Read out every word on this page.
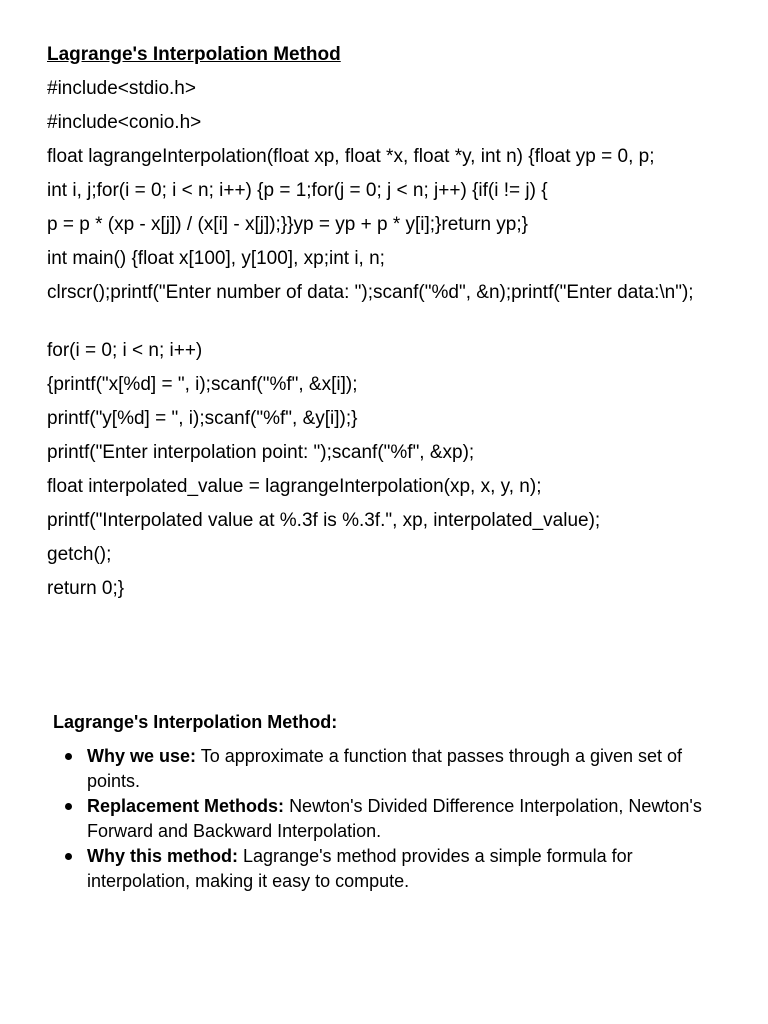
Lagrange's Interpolation Method
#include<stdio.h>
#include<conio.h>
float lagrangeInterpolation(float xp, float *x, float *y, int n) {float yp = 0, p;
int i, j;for(i = 0; i < n; i++) {p = 1;for(j = 0; j < n; j++) {if(i != j) {
p = p * (xp - x[j]) / (x[i] - x[j]);}}yp = yp + p * y[i];}return yp;}
int main() {float x[100], y[100], xp;int i, n;
clrscr();printf("Enter number of data: ");scanf("%d", &n);printf("Enter data:\n");
for(i = 0; i < n; i++)
{printf("x[%d] = ", i);scanf("%f", &x[i]);
printf("y[%d] = ", i);scanf("%f", &y[i]);}
printf("Enter interpolation point: ");scanf("%f", &xp);
float interpolated_value = lagrangeInterpolation(xp, x, y, n);
printf("Interpolated value at %.3f is %.3f.", xp, interpolated_value);
getch();
return 0;}
Lagrange's Interpolation Method:
Why we use: To approximate a function that passes through a given set of points.
Replacement Methods: Newton's Divided Difference Interpolation, Newton's Forward and Backward Interpolation.
Why this method: Lagrange's method provides a simple formula for interpolation, making it easy to compute.
